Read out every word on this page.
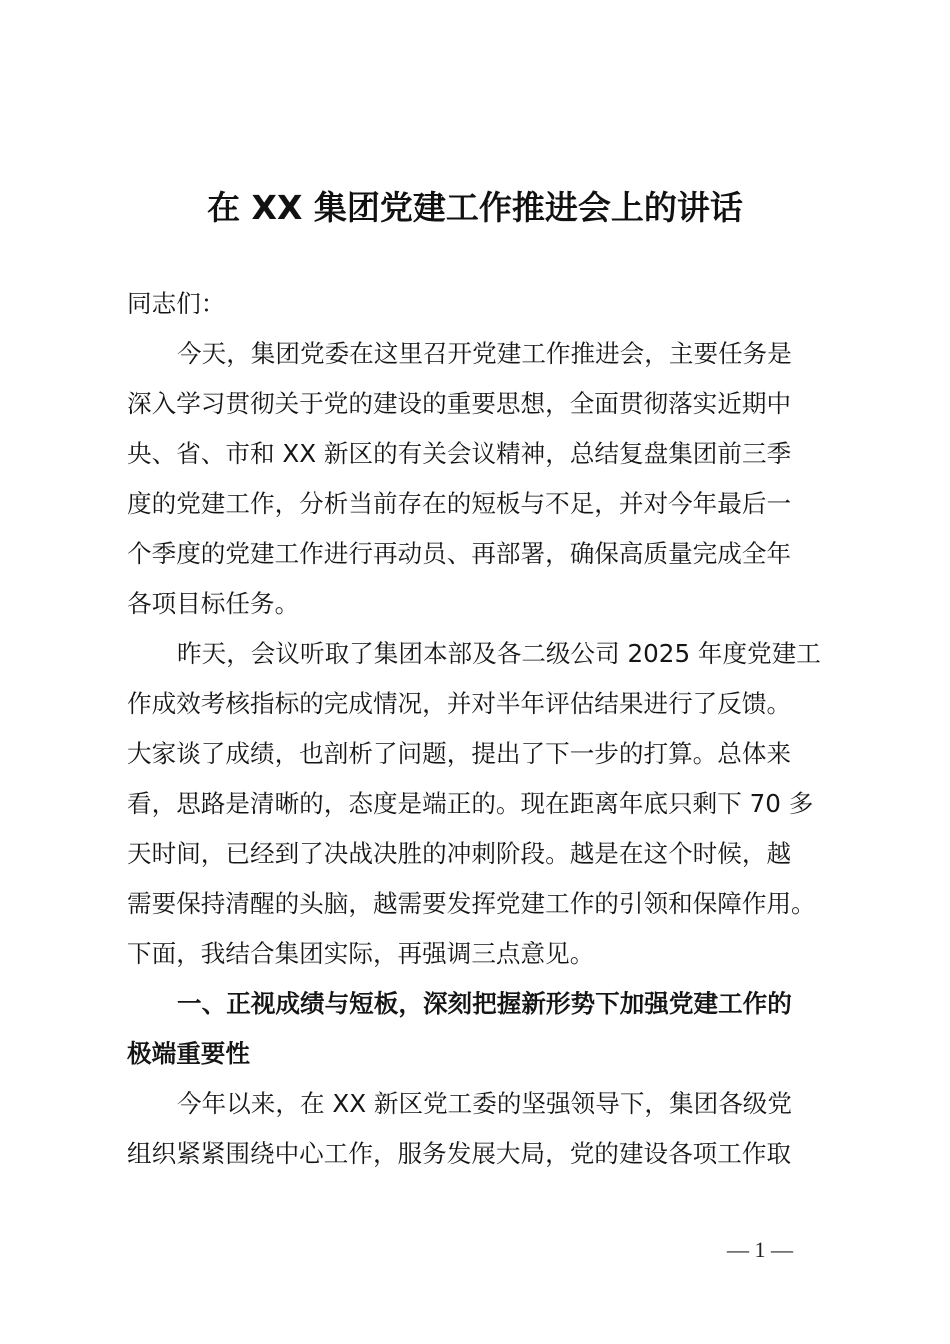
在 XX 集团党建工作推进会上的讲话
同志们：
今天，集团党委在这里召开党建工作推进会，主要任务是
深入学习贯彻关于党的建设的重要思想，全面贯彻落实近期中
央、省、市和 XX 新区的有关会议精神，总结复盘集团前三季
度的党建工作，分析当前存在的短板与不足，并对今年最后一
个季度的党建工作进行再动员、再部署，确保高质量完成全年
各项目标任务。
昨天，会议听取了集团本部及各二级公司 2025 年度党建工
作成效考核指标的完成情况，并对半年评估结果进行了反馈。
大家谈了成绩，也剖析了问题，提出了下一步的打算。总体来
看，思路是清晰的，态度是端正的。现在距离年底只剩下 70 多
天时间，已经到了决战决胜的冲刺阶段。越是在这个时候，越
需要保持清醒的头脑，越需要发挥党建工作的引领和保障作用。
下面，我结合集团实际，再强调三点意见。
一、正视成绩与短板，深刻把握新形势下加强党建工作的
极端重要性
今年以来，在 XX 新区党工委的坚强领导下，集团各级党
组织紧紧围绕中心工作，服务发展大局，党的建设各项工作取
— 1 —
